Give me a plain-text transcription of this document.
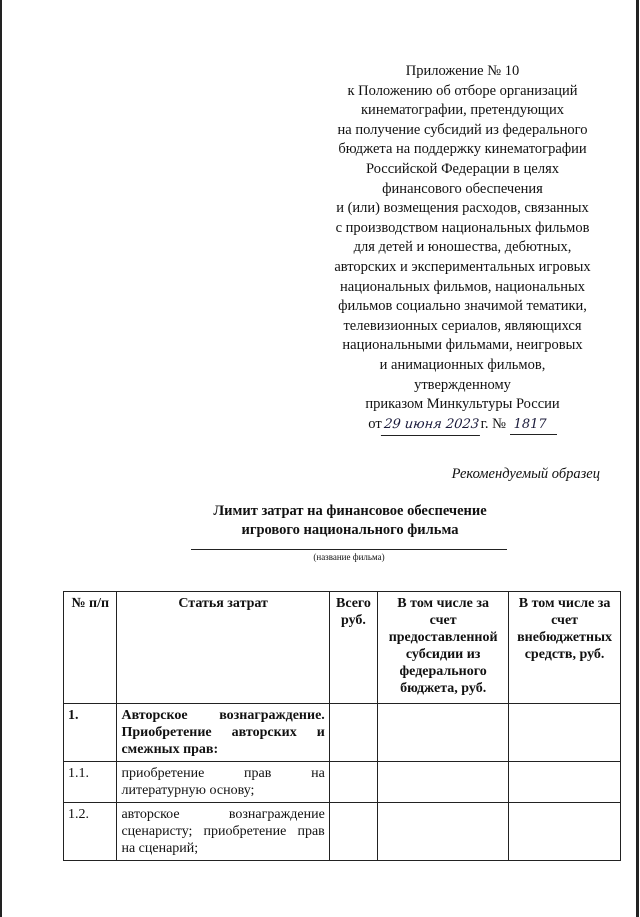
Приложение № 10
к Положению об отборе организаций
кинематографии, претендующих
на получение субсидий из федерального
бюджета на поддержку кинематографии
Российской Федерации в целях
финансового обеспечения
и (или) возмещения расходов, связанных
с производством национальных фильмов
для детей и юношества, дебютных,
авторских и экспериментальных игровых
национальных фильмов, национальных
фильмов социально значимой тематики,
телевизионных сериалов, являющихся
национальными фильмами, неигровых
и анимационных фильмов,
утвержденному
приказом Минкультуры России
от29 июня 2023г. № 1817
Рекомендуемый образец
Лимит затрат на финансовое обеспечение
игрового национального фильма
(название фильма)
№ п/п	Статья затрат	Всего руб.	В том числе за счет предоставленной субсидии из федерального бюджета, руб.	В том числе за счет внебюджетных средств, руб.
1.	Авторское вознаграждение. Приобретение авторских и смежных прав:			
1.1.	приобретение прав на литературную основу;			
1.2.	авторское вознаграждение сценаристу; приобретение прав на сценарий;			
